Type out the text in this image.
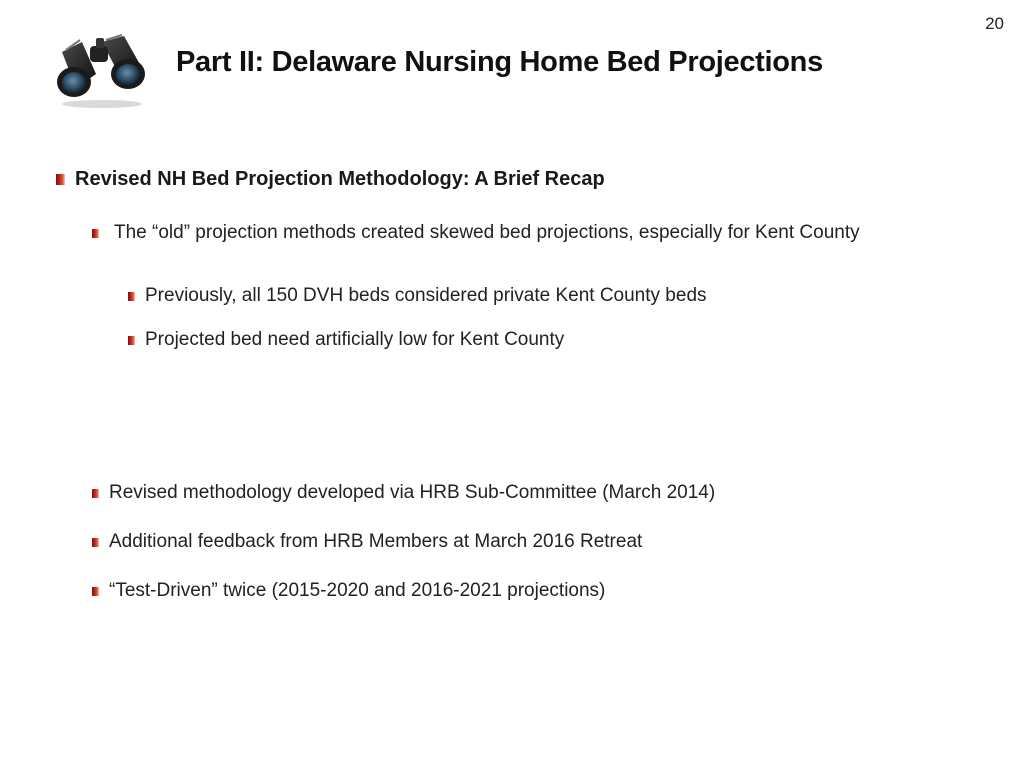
20
Part II: Delaware Nursing Home Bed Projections
Revised NH Bed Projection Methodology: A Brief Recap
The “old” projection methods created skewed bed projections, especially for Kent County
Previously, all 150 DVH beds considered private Kent County beds
Projected bed need artificially low for Kent County
Revised methodology developed via HRB Sub-Committee (March 2014)
Additional feedback from HRB Members at March 2016 Retreat
“Test-Driven” twice (2015-2020 and 2016-2021 projections)
